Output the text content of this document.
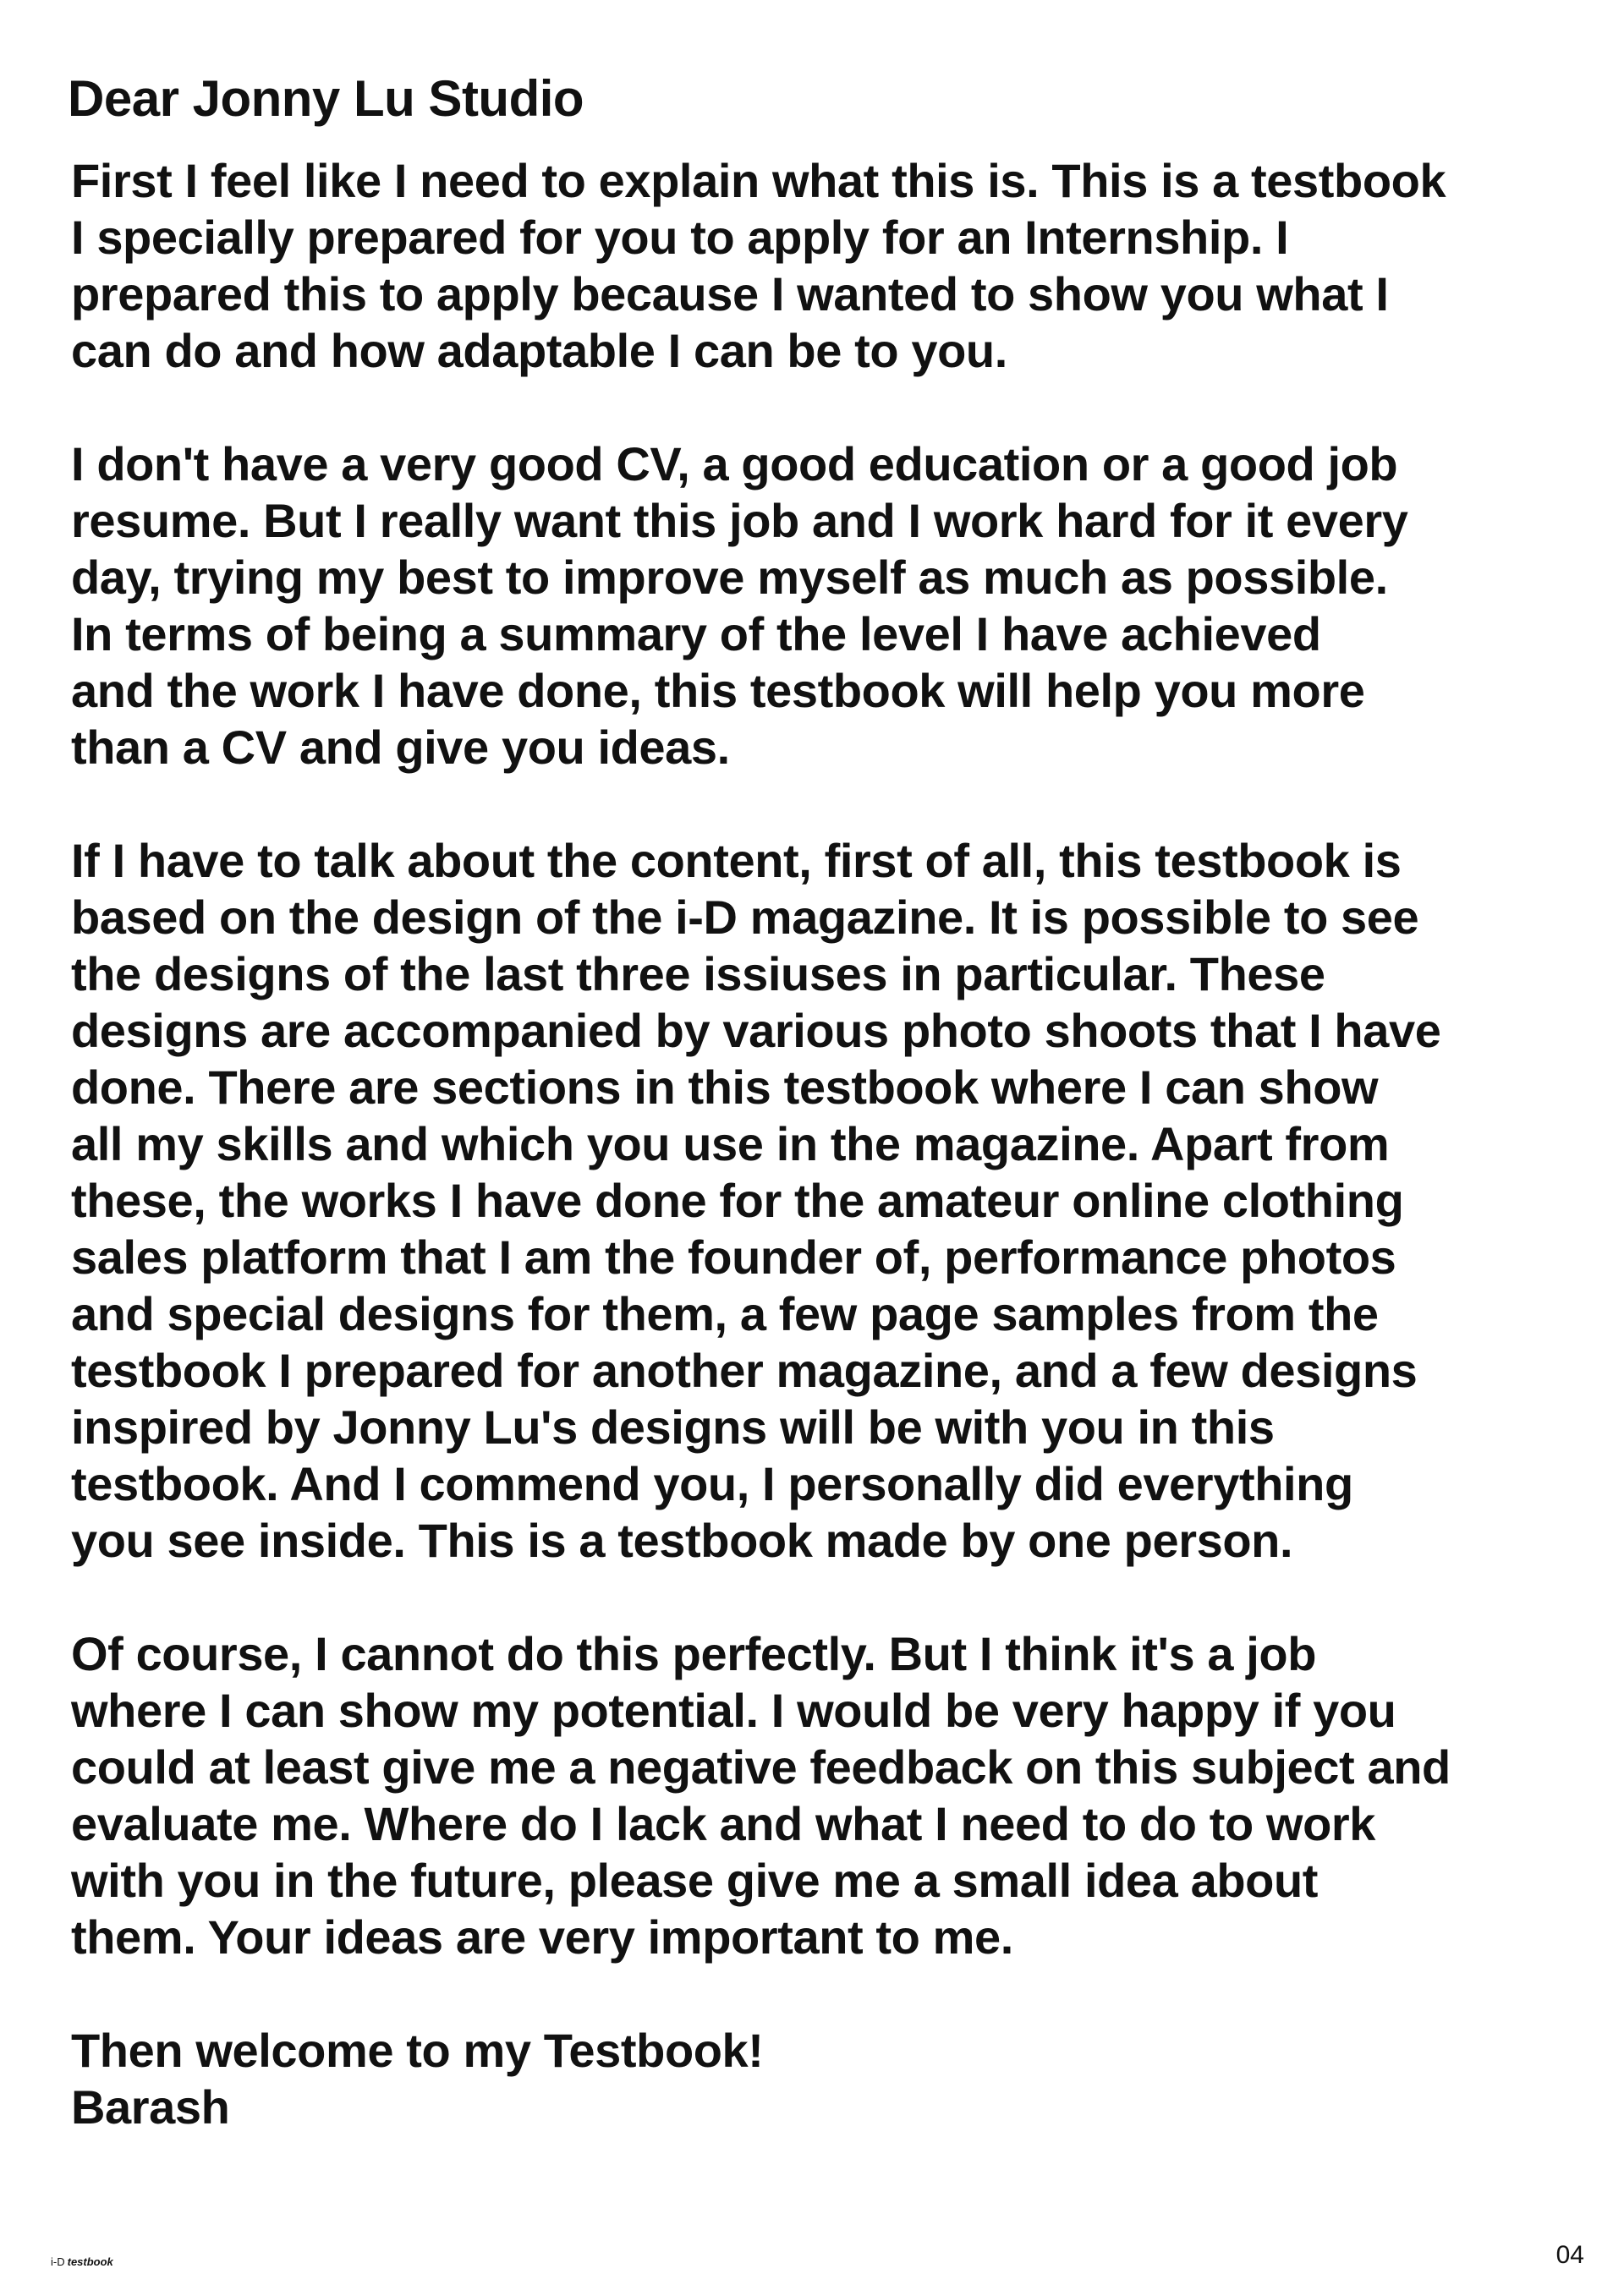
Dear Jonny Lu Studio

First I feel like I need to explain what this is. This is a testbook
I specially prepared for you to apply for an Internship. I
prepared this to apply because I wanted to show you what I
can do and how adaptable I can be to you.

I don't have a very good CV, a good education or a good job
resume. But I really want this job and I work hard for it every
day, trying my best to improve myself as much as possible.
In terms of being a summary of the level I have achieved
and the work I have done, this testbook will help you more
than a CV and give you ideas.

If I have to talk about the content, first of all, this testbook is
based on the design of the i-D magazine. It is possible to see
the designs of the last three issiuses in particular. These
designs are accompanied by various photo shoots that I have
done. There are sections in this testbook where I can show
all my skills and which you use in the magazine. Apart from
these, the works I have done for the amateur online clothing
sales platform that I am the founder of, performance photos
and special designs for them, a few page samples from the
testbook I prepared for another magazine, and a few designs
inspired by Jonny Lu's designs will be with you in this
testbook. And I commend you, I personally did everything
you see inside. This is a testbook made by one person.

Of course, I cannot do this perfectly. But I think it's a job
where I can show my potential. I would be very happy if you
could at least give me a negative feedback on this subject and
evaluate me. Where do I lack and what I need to do to work
with you in the future, please give me a small idea about
them. Your ideas are very important to me.

Then welcome to my Testbook!
Barash

i-D testbook	04
